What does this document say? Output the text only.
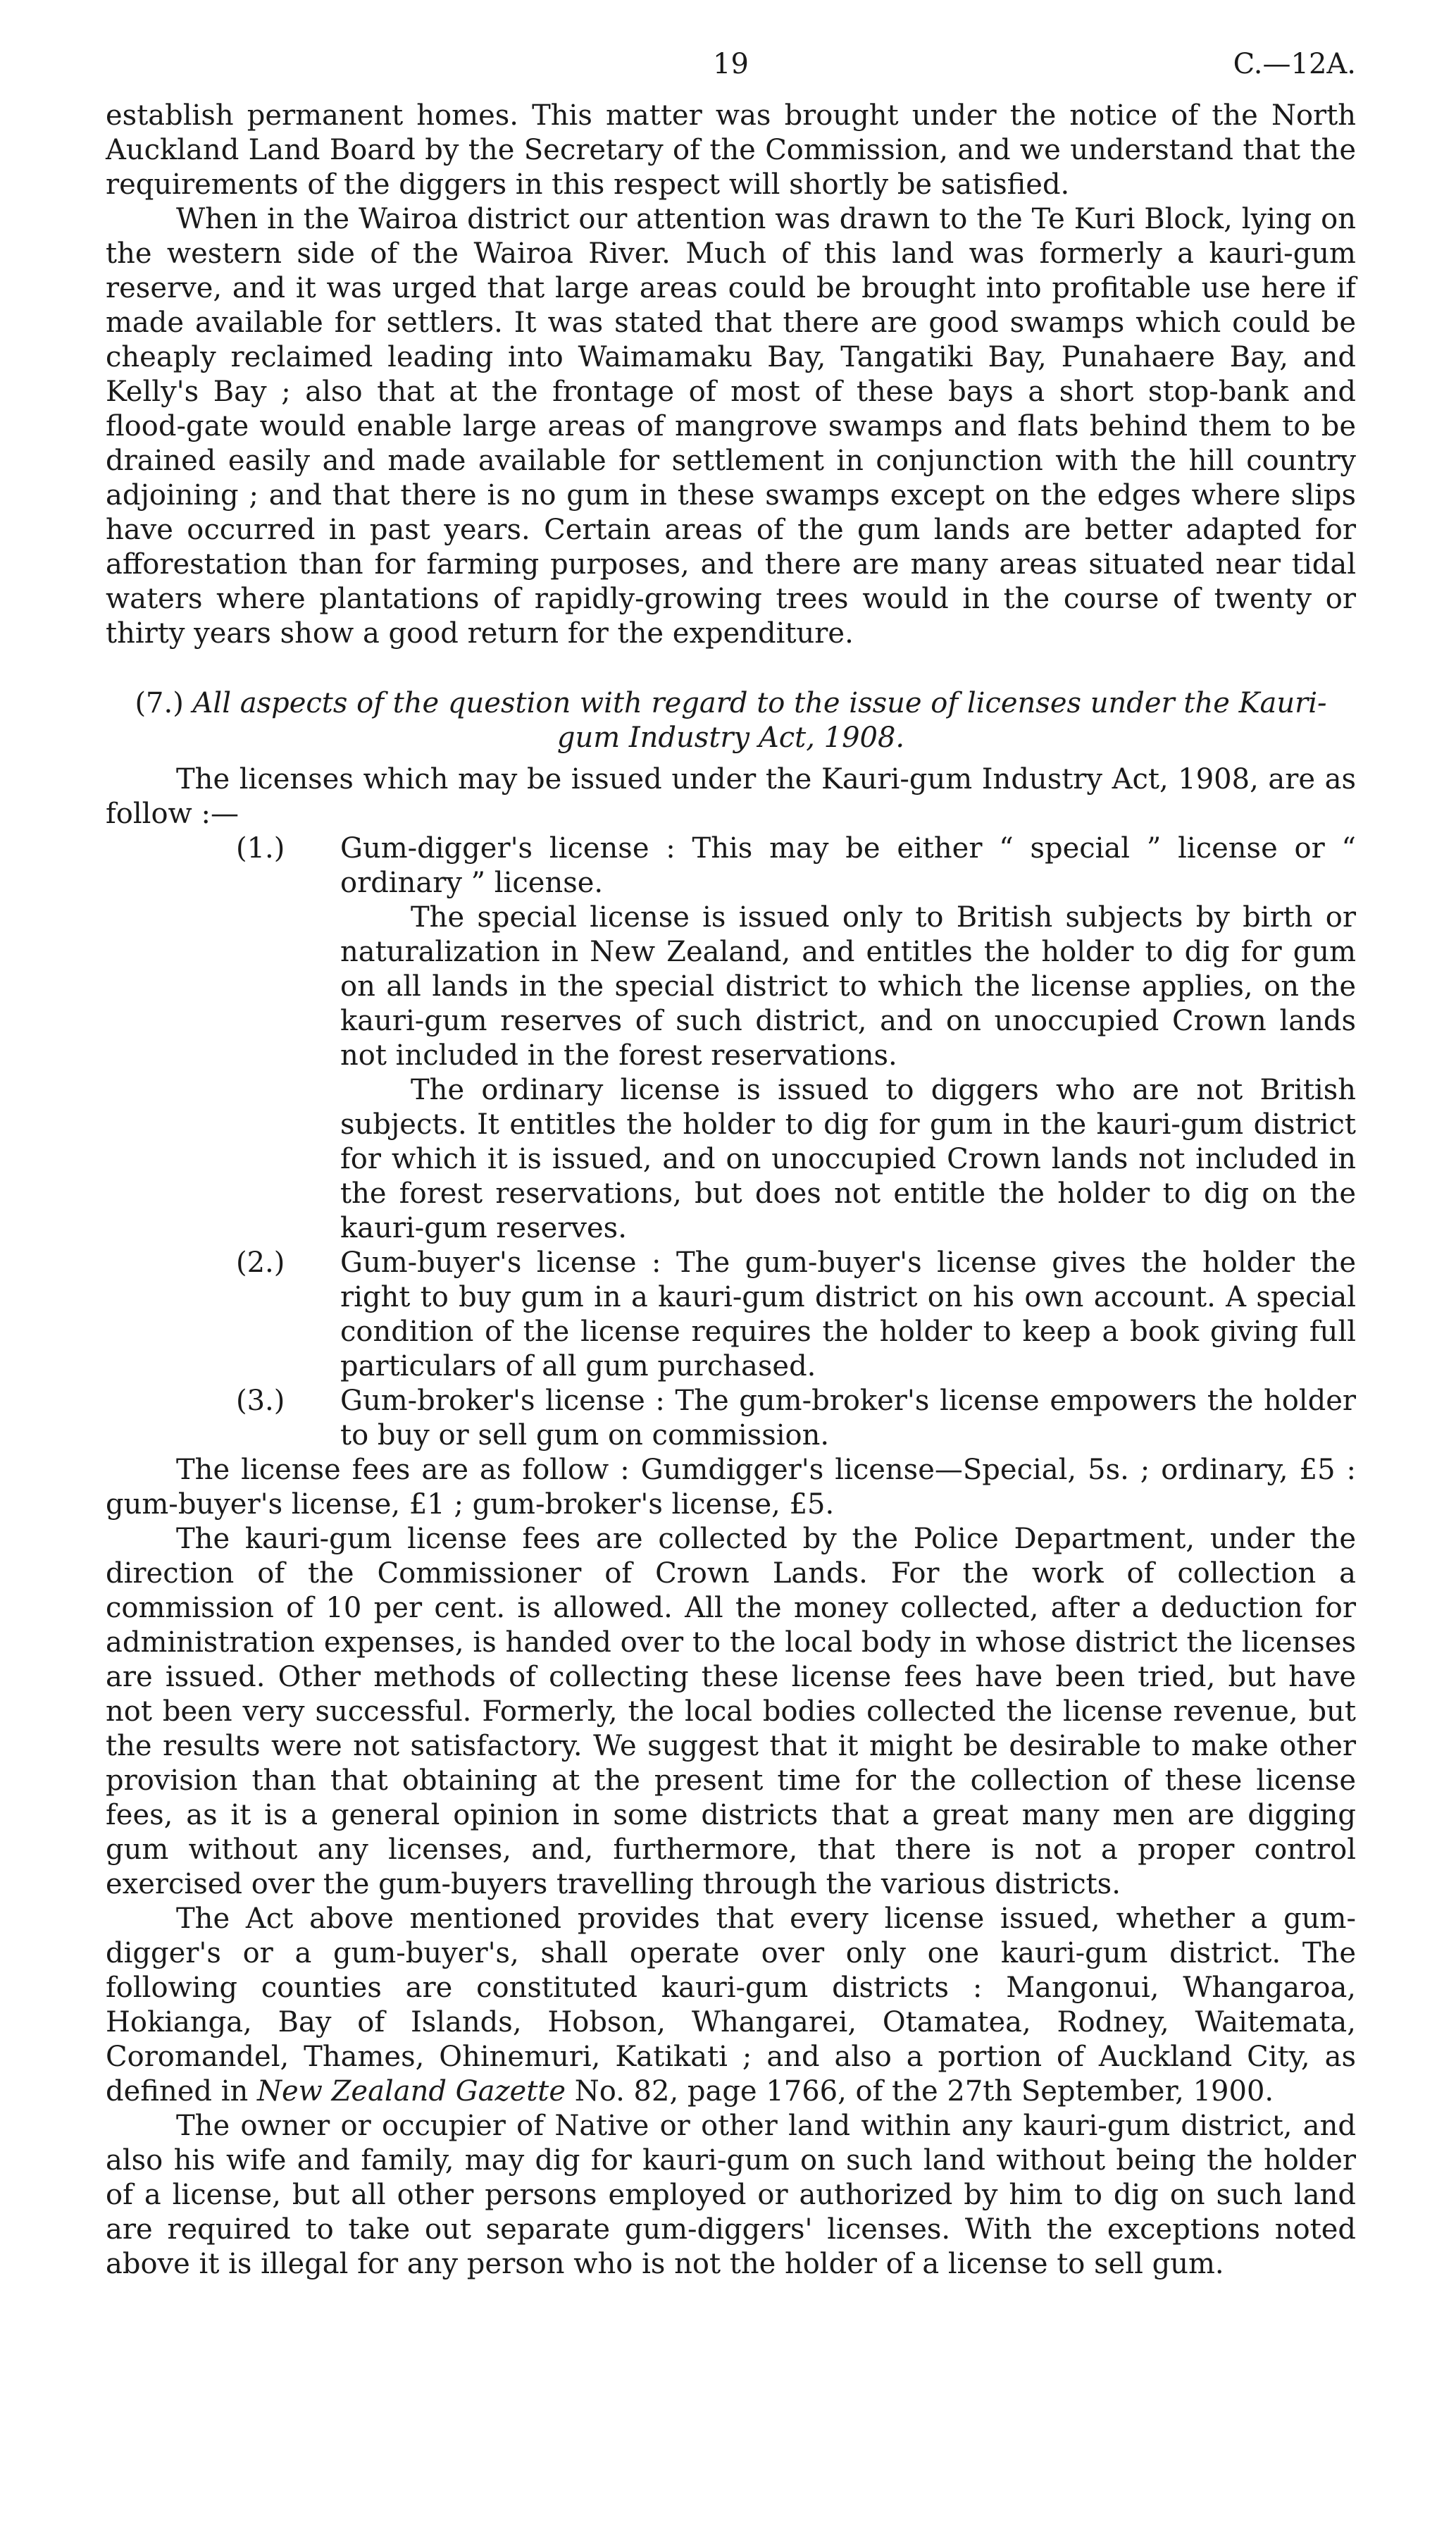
19	C.—12A.

establish permanent homes. This matter was brought under the notice of the North Auckland Land Board by the Secretary of the Commission, and we understand that the requirements of the diggers in this respect will shortly be satisfied.

When in the Wairoa district our attention was drawn to the Te Kuri Block, lying on the western side of the Wairoa River. Much of this land was formerly a kauri-gum reserve, and it was urged that large areas could be brought into profitable use here if made available for settlers. It was stated that there are good swamps which could be cheaply reclaimed leading into Waimamaku Bay, Tangatiki Bay, Punahaere Bay, and Kelly's Bay ; also that at the frontage of most of these bays a short stop-bank and flood-gate would enable large areas of mangrove swamps and flats behind them to be drained easily and made available for settlement in conjunction with the hill country adjoining ; and that there is no gum in these swamps except on the edges where slips have occurred in past years. Certain areas of the gum lands are better adapted for afforestation than for farming purposes, and there are many areas situated near tidal waters where plantations of rapidly-growing trees would in the course of twenty or thirty years show a good return for the expenditure.

(7.) All aspects of the question with regard to the issue of licenses under the Kauri-gum Industry Act, 1908.

The licenses which may be issued under the Kauri-gum Industry Act, 1908, are as follow :—

(1.) Gum-digger's license : This may be either “ special ” license or “ ordinary ” license.

The special license is issued only to British subjects by birth or naturalization in New Zealand, and entitles the holder to dig for gum on all lands in the special district to which the license applies, on the kauri-gum reserves of such district, and on unoccupied Crown lands not included in the forest reservations.

The ordinary license is issued to diggers who are not British subjects. It entitles the holder to dig for gum in the kauri-gum district for which it is issued, and on unoccupied Crown lands not included in the forest reservations, but does not entitle the holder to dig on the kauri-gum reserves.

(2.) Gum-buyer's license : The gum-buyer's license gives the holder the right to buy gum in a kauri-gum district on his own account. A special condition of the license requires the holder to keep a book giving full particulars of all gum purchased.

(3.) Gum-broker's license : The gum-broker's license empowers the holder to buy or sell gum on commission.

The license fees are as follow : Gumdigger's license—Special, 5s. ; ordinary, £5 : gum-buyer's license, £1 ; gum-broker's license, £5.

The kauri-gum license fees are collected by the Police Department, under the direction of the Commissioner of Crown Lands. For the work of collection a commission of 10 per cent. is allowed. All the money collected, after a deduction for administration expenses, is handed over to the local body in whose district the licenses are issued. Other methods of collecting these license fees have been tried, but have not been very successful. Formerly, the local bodies collected the license revenue, but the results were not satisfactory. We suggest that it might be desirable to make other provision than that obtaining at the present time for the collection of these license fees, as it is a general opinion in some districts that a great many men are digging gum without any licenses, and, furthermore, that there is not a proper control exercised over the gum-buyers travelling through the various districts.

The Act above mentioned provides that every license issued, whether a gum-digger's or a gum-buyer's, shall operate over only one kauri-gum district. The following counties are constituted kauri-gum districts : Mangonui, Whangaroa, Hokianga, Bay of Islands, Hobson, Whangarei, Otamatea, Rodney, Waitemata, Coromandel, Thames, Ohinemuri, Katikati ; and also a portion of Auckland City, as defined in New Zealand Gazette No. 82, page 1766, of the 27th September, 1900.

The owner or occupier of Native or other land within any kauri-gum district, and also his wife and family, may dig for kauri-gum on such land without being the holder of a license, but all other persons employed or authorized by him to dig on such land are required to take out separate gum-diggers' licenses. With the exceptions noted above it is illegal for any person who is not the holder of a license to sell gum.
